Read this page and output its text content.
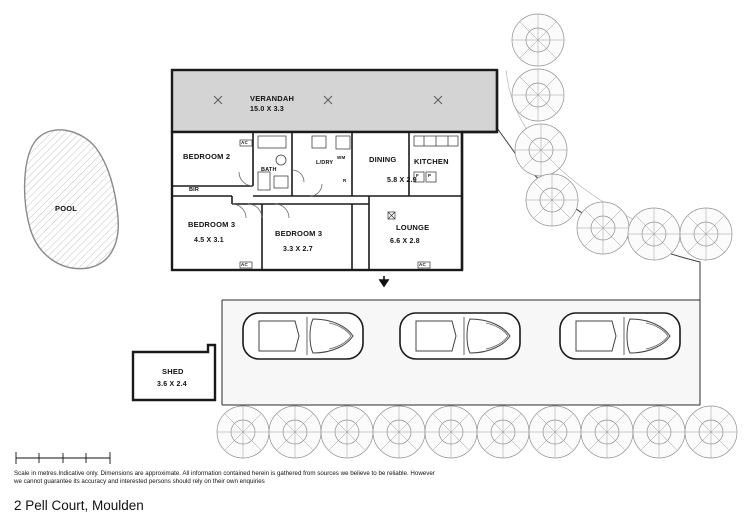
VERANDAH
15.0 X 3.3
BEDROOM 2
BATH
L/DRY	DINING KITCHEN
5.8 X 2.9
BIR
BEDROOM 3
4.5 X 3.1
BEDROOM 3
3.3 X 2.7
LOUNGE
6.6 X 2.8
POOL
SHED
3.6 X 2.4
AC
AC	AC
WM
F P
R
Scale in metres.Indicative only. Dimensions are approximate. All information contained herein is gathered from sources we believe to be reliable. However we cannot guarantee its accuracy and interested persons should rely on their own enquiries
2 Pell Court, Moulden
